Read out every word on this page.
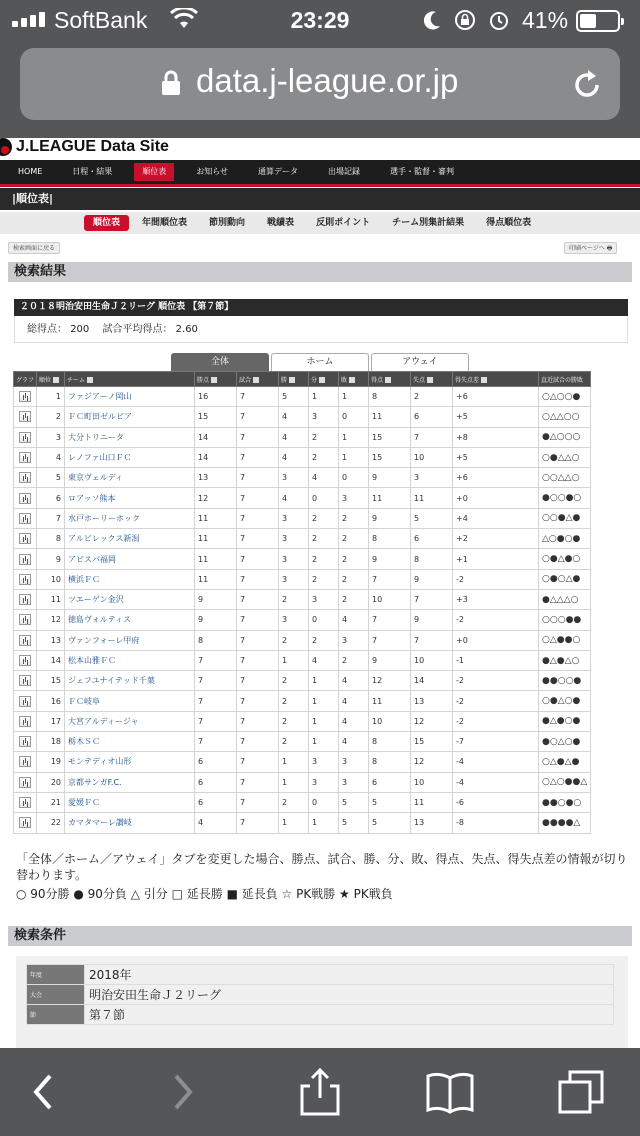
SoftBank	23:29	41%
data.j-league.or.jp
J.LEAGUE Data Site
HOME	日程・結果	順位表	お知らせ	通算データ	出場記録	選手・監督・審判
|順位表|
順位表	年間順位表	節別動向	戦績表	反則ポイント	チーム別集計結果	得点順位表
検索画面に戻る	印刷ページへ 🖶
検索結果
２０１８明治安田生命Ｊ２リーグ 順位表 【第７節】
総得点： 200 試合平均得点： 2.60
全体	ホーム	アウェイ
グラフ	順位	チーム	勝点	試合	勝	分	敗	得点	失点	得失点差	直近試合の勝敗
	1	ファジアーノ岡山	16	7	5	1	1	8	2	+6	○△○○●
	2	ＦＣ町田ゼルビア	15	7	4	3	0	11	6	+5	○△△○○
	3	大分トリニータ	14	7	4	2	1	15	7	+8	●△○○○
	4	レノファ山口ＦＣ	14	7	4	2	1	15	10	+5	○●△△○
	5	東京ヴェルディ	13	7	3	4	0	9	3	+6	○○△△○
	6	ロアッソ熊本	12	7	4	0	3	11	11	+0	●○○●○
	7	水戸ホーリーホック	11	7	3	2	2	9	5	+4	○○●△●
	8	アルビレックス新潟	11	7	3	2	2	8	6	+2	△○●○●
	9	アビスパ福岡	11	7	3	2	2	9	8	+1	○●△●○
	10	横浜ＦＣ	11	7	3	2	2	7	9	-2	○●○△●
	11	ツエーゲン金沢	9	7	2	3	2	10	7	+3	●△△△○
	12	徳島ヴォルティス	9	7	3	0	4	7	9	-2	○○○●●
	13	ヴァンフォーレ甲府	8	7	2	2	3	7	7	+0	○△●●○
	14	松本山雅ＦＣ	7	7	1	4	2	9	10	-1	●△●△○
	15	ジェフユナイテッド千葉	7	7	2	1	4	12	14	-2	●●○○●
	16	ＦＣ岐阜	7	7	2	1	4	11	13	-2	○●△○●
	17	大宮アルディージャ	7	7	2	1	4	10	12	-2	●△●○●
	18	栃木ＳＣ	7	7	2	1	4	8	15	-7	●○△○●
	19	モンテディオ山形	6	7	1	3	3	8	12	-4	○△●△●
	20	京都サンガF.C.	6	7	1	3	3	6	10	-4	○△○●●△
	21	愛媛ＦＣ	6	7	2	0	5	5	11	-6	●●○●○
	22	カマタマーレ讃岐	4	7	1	1	5	5	13	-8	●●●●△
「全体／ホーム／アウェイ」タブを変更した場合、勝点、試合、勝、分、敗、得点、失点、得失点差の情報が切り替わります。
○ 90分勝 ● 90分負 △ 引分 □ 延長勝 ■ 延長負 ☆ PK戦勝 ★ PK戦負
検索条件
年度	2018年
大会	明治安田生命Ｊ２リーグ
節	第７節
